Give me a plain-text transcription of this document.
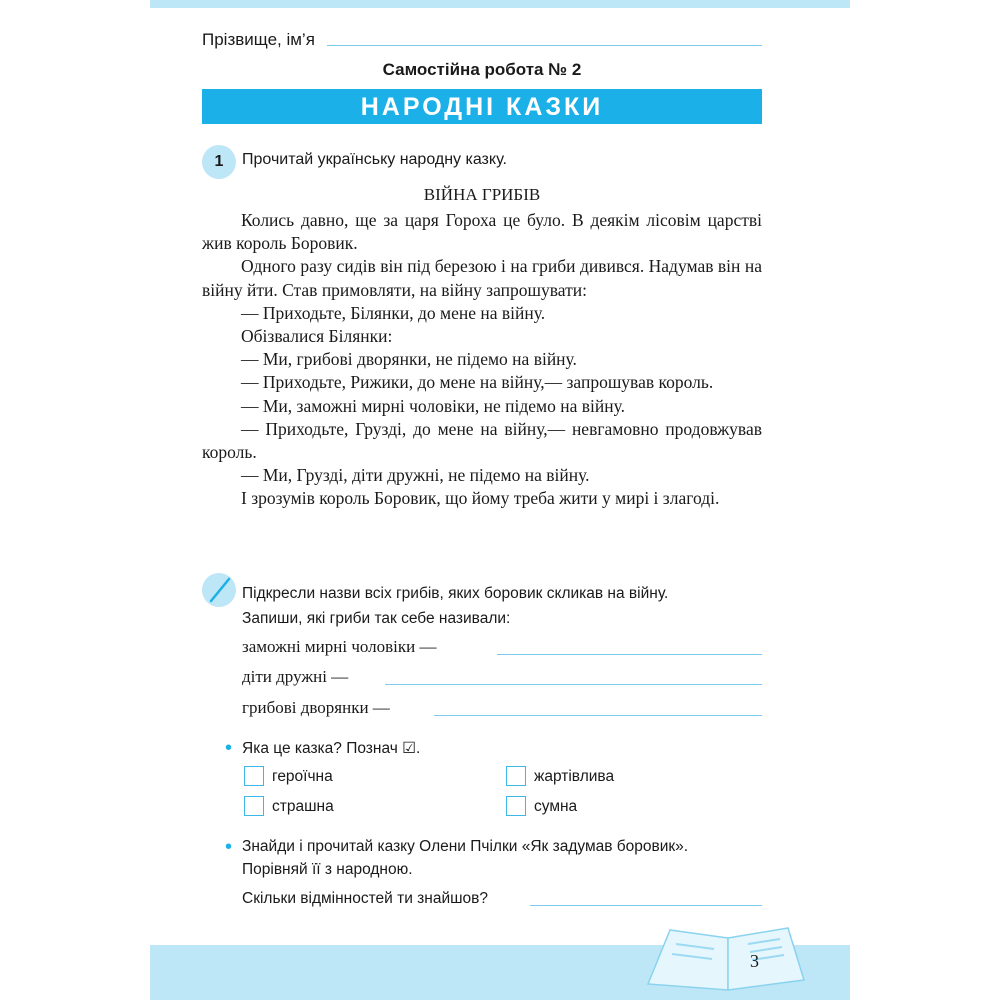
Прізвище, ім’я
Самостійна робота № 2
НАРОДНІ КАЗКИ
1	Прочитай українську народну казку.
ВІЙНА ГРИБІВ

Колись давно, ще за царя Гороха це було. В деякім лісовім царстві жив король Боровик.

Одного разу сидів він під березою і на гриби дивився. Надумав він на війну йти. Став примовляти, на війну запрошувати:

— Приходьте, Білянки, до мене на війну.

Обізвалися Білянки:

— Ми, грибові дворянки, не підемо на війну.

— Приходьте, Рижики, до мене на війну,— запрошував король.

— Ми, заможні мирні чоловіки, не підемо на війну.

— Приходьте, Груздi, до мене на війну,— невгамовно продовжував король.

— Ми, Груздi, діти дружні, не підемо на війну.

І зрозумів король Боровик, що йому треба жити у мирі і злагоді.

Підкресли назви всіх грибів, яких боровик скликав на війну.
Запиши, які гриби так себе називали:
заможні мирні чоловіки —
діти дружні —
грибові дворянки —
• Яка це казка? Познач ☑.
героїчна
страшна
жартівлива
сумна
• Знайди і прочитай казку Олени Пчілки «Як задумав боровик».
Порівняй її з народною.
Скільки відмінностей ти знайшов?
3
